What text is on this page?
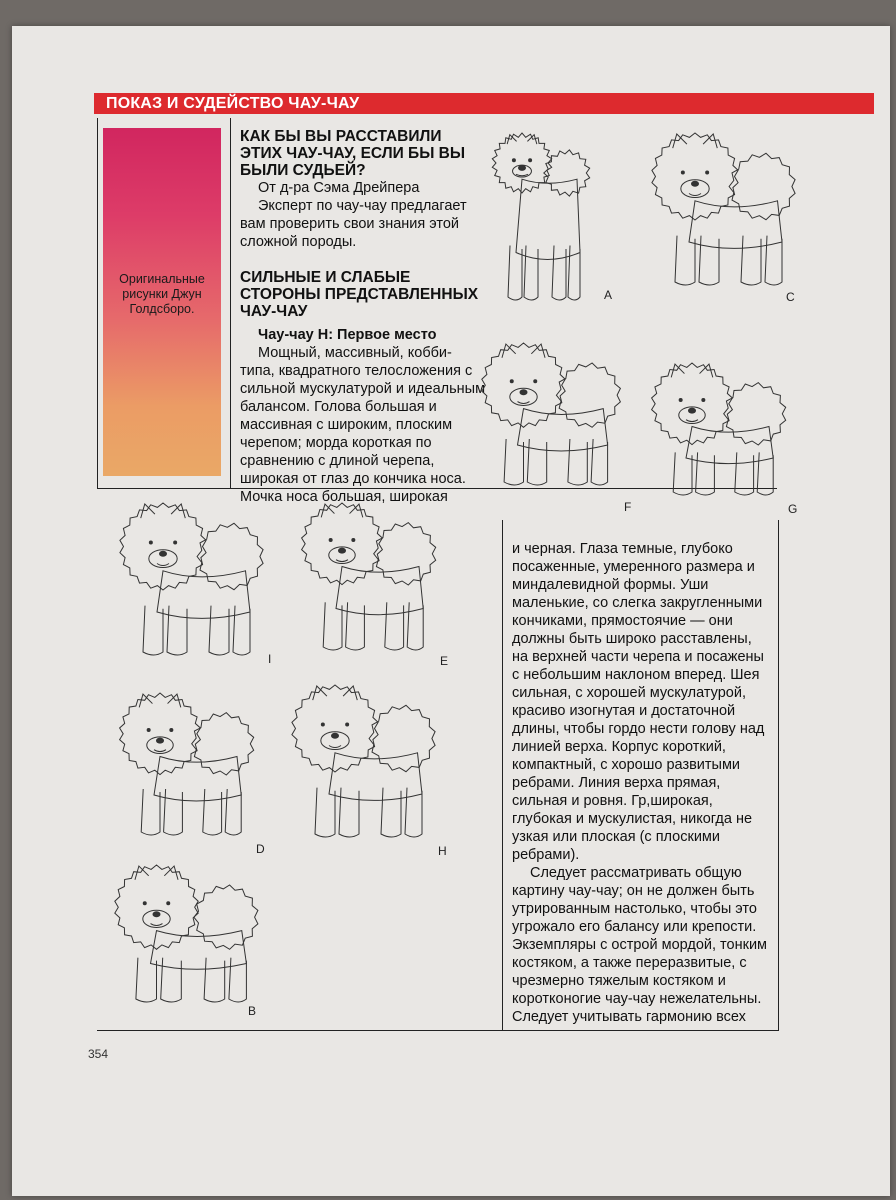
ПОКАЗ И СУДЕЙСТВО ЧАУ-ЧАУ
Оригинальные рисунки Джун Голдсборо.

КАК БЫ ВЫ РАССТАВИЛИ ЭТИХ ЧАУ-ЧАУ, ЕСЛИ БЫ ВЫ БЫЛИ СУДЬЕЙ?

От д-ра Сэма Дрейпера

Эксперт по чау-чау предлагает вам проверить свои знания этой сложной породы.

СИЛЬНЫЕ И СЛАБЫЕ СТОРОНЫ ПРЕДСТАВЛЕННЫХ ЧАУ-ЧАУ

Чау-чау Н: Первое место

Мощный, массивный, кобби-типа, квадратного телосложения с сильной мускулатурой и идеальным балансом. Голова большая и массивная с широким, плоским черепом; морда короткая по сравнению с длиной черепа, широкая от глаз до кончика носа. Мочка носа большая, широкая

и черная. Глаза темные, глубоко посаженные, умеренного размера и миндалевидной формы. Уши маленькие, со слегка закругленными кончиками, прямостоячие — они должны быть широко расставлены, на верхней части черепа и посажены с небольшим наклоном вперед. Шея сильная, с хорошей мускулатурой, красиво изогнутая и достаточной длины, чтобы гордо нести голову над линией верха. Корпус короткий, компактный, с хорошо развитыми ребрами. Линия верха прямая, сильная и ровня. Гр,широкая, глубокая и мускулистая, никогда не узкая или плоская (с плоскими ребрами).

Следует рассматривать общую картину чау-чау; он не должен быть утрированным настолько, чтобы это угрожало его балансу или крепости. Экземпляры с острой мордой, тонким костяком, а также переразвитые, с чрезмерно тяжелым костяком и коротконогие чау-чау нежелательны. Следует учитывать гармонию всех

A	C
F	G
I	E
D	H
B
354
